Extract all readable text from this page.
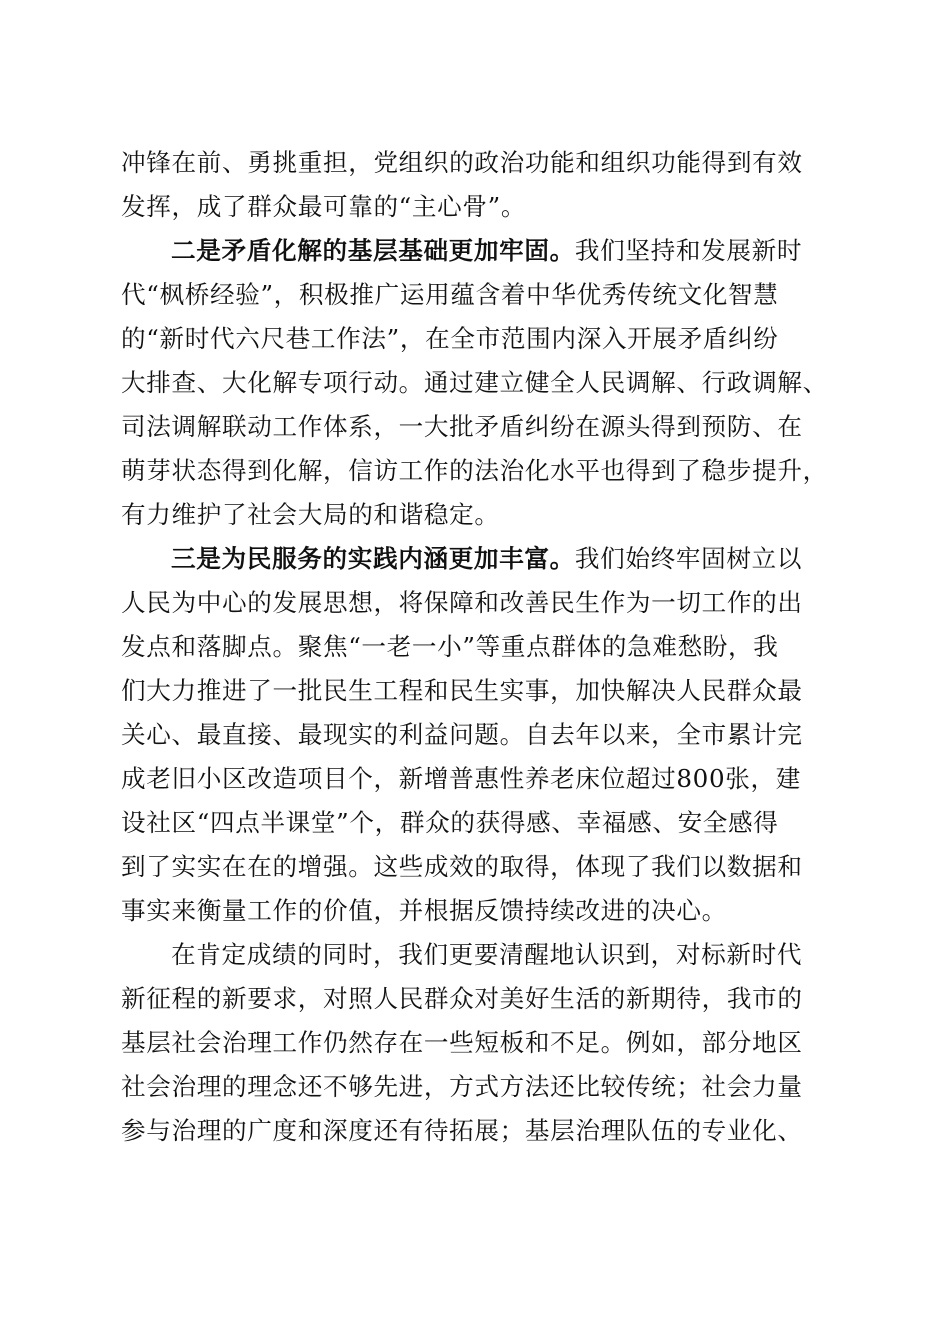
冲锋在前、勇挑重担，党组织的政治功能和组织功能得到有效
发挥，成了群众最可靠的“主心骨”。
二是矛盾化解的基层基础更加牢固。我们坚持和发展新时
代“枫桥经验”，积极推广运用蕴含着中华优秀传统文化智慧
的“新时代六尺巷工作法”，在全市范围内深入开展矛盾纠纷
大排查、大化解专项行动。通过建立健全人民调解、行政调解、
司法调解联动工作体系，一大批矛盾纠纷在源头得到预防、在
萌芽状态得到化解，信访工作的法治化水平也得到了稳步提升，
有力维护了社会大局的和谐稳定。
三是为民服务的实践内涵更加丰富。我们始终牢固树立以
人民为中心的发展思想，将保障和改善民生作为一切工作的出
发点和落脚点。聚焦“一老一小”等重点群体的急难愁盼，我
们大力推进了一批民生工程和民生实事，加快解决人民群众最
关心、最直接、最现实的利益问题。自去年以来，全市累计完
成老旧小区改造项目个，新增普惠性养老床位超过800张，建
设社区“四点半课堂”个，群众的获得感、幸福感、安全感得
到了实实在在的增强。这些成效的取得，体现了我们以数据和
事实来衡量工作的价值，并根据反馈持续改进的决心。
在肯定成绩的同时，我们更要清醒地认识到，对标新时代
新征程的新要求，对照人民群众对美好生活的新期待，我市的
基层社会治理工作仍然存在一些短板和不足。例如，部分地区
社会治理的理念还不够先进，方式方法还比较传统；社会力量
参与治理的广度和深度还有待拓展；基层治理队伍的专业化、
